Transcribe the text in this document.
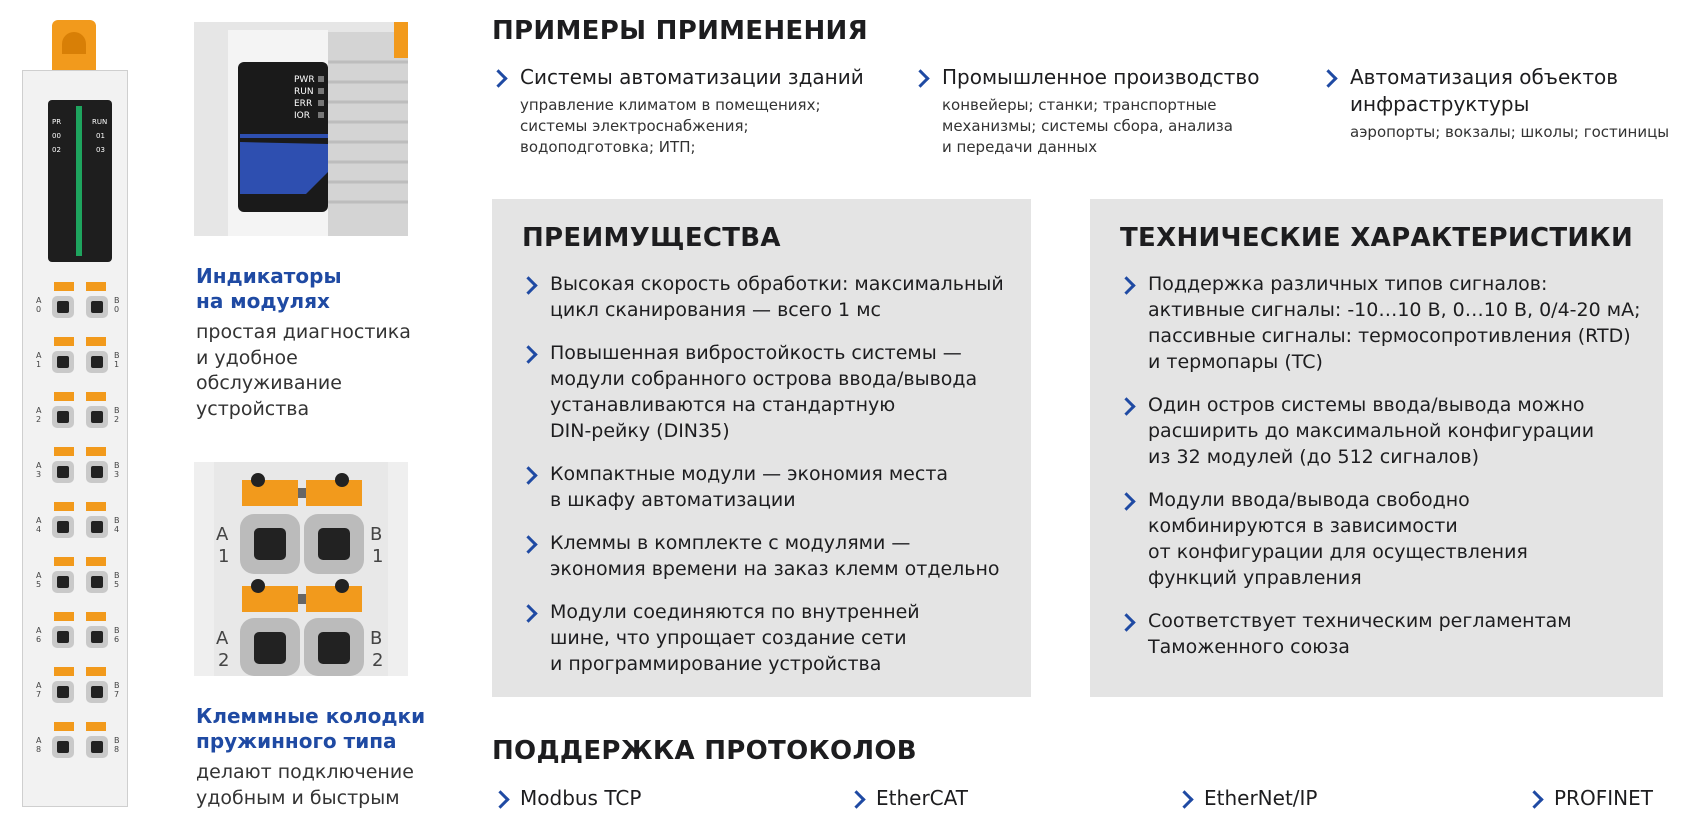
PR	RUN
00	01
02	03
A 0
B 0
A 1
B 1
A 2
B 2
A 3
B 3
A 4
B 4
A 5
B 5
A 6
B 6
A 7
B 7
A 8
B 8
PWR
RUN
ERR
IOR
Индикаторы
на модулях
простая диагностика
и удобное
обслуживание
устройства
A
1
B
1
A
2
B
2
Клеммные колодки
пружинного типа
делают подключение
удобным и быстрым
ПРИМЕРЫ ПРИМЕНЕНИЯ
Системы автоматизации зданий
управление климатом в помещениях;
системы электроснабжения;
водоподготовка; ИТП;
Промышленное производство
конвейеры; станки; транспортные
механизмы; системы сбора, анализа
и передачи данных
Автоматизация объектов
инфраструктуры
аэропорты; вокзалы; школы; гостиницы
ПРЕИМУЩЕСТВА
Высокая скорость обработки: максимальный
цикл сканирования — всего 1 мс
Повышенная вибростойкость системы —
модули собранного острова ввода/вывода
устанавливаются на стандартную
DIN-рейку (DIN35)
Компактные модули — экономия места
в шкафу автоматизации
Клеммы в комплекте с модулями —
экономия времени на заказ клемм отдельно
Модули соединяются по внутренней
шине, что упрощает создание сети
и программирование устройства
ТЕХНИЧЕСКИЕ ХАРАКТЕРИСТИКИ
Поддержка различных типов сигналов:
активные сигналы: -10…10 В, 0…10 В, 0/4-20 мА;
пассивные сигналы: термосопротивления (RTD)
и термопары (TC)
Один остров системы ввода/вывода можно
расширить до максимальной конфигурации
из 32 модулей (до 512 сигналов)
Модули ввода/вывода свободно
комбинируются в зависимости
от конфигурации для осуществления
функций управления
Соответствует техническим регламентам
Таможенного союза
ПОДДЕРЖКА ПРОТОКОЛОВ
Modbus TCP	EtherCAT	EtherNet/IP	PROFINET
